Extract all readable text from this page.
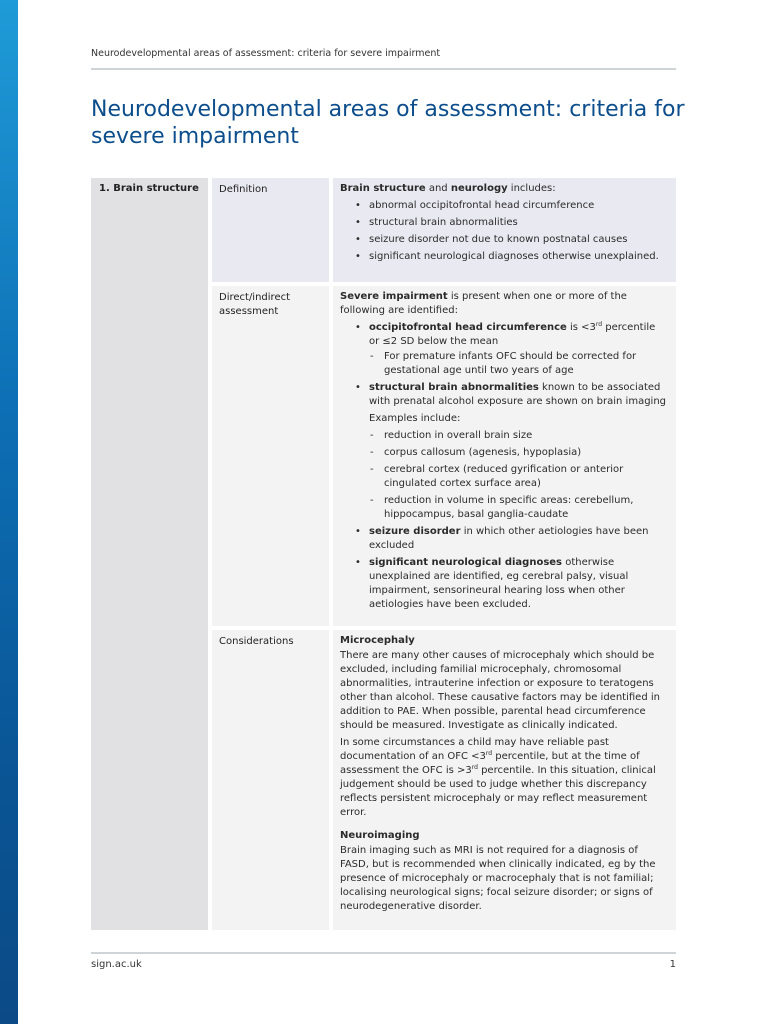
Neurodevelopmental areas of assessment: criteria for severe impairment
Neurodevelopmental areas of assessment: criteria for severe impairment
1. Brain structure	Definition	Brain structure and neurology includes:

• abnormal occipitofrontal head circumference
• structural brain abnormalities
• seizure disorder not due to known postnatal causes
• significant neurological diagnoses otherwise unexplained.
Direct/indirect assessment

Severe impairment is present when one or more of the following are identified:

• occipitofrontal head circumference is <3rd percentile or ≤2 SD below the mean
- For premature infants OFC should be corrected for gestational age until two years of age
• structural brain abnormalities known to be associated with prenatal alcohol exposure are shown on brain imaging
Examples include:
- reduction in overall brain size
- corpus callosum (agenesis, hypoplasia)
- cerebral cortex (reduced gyrification or anterior cingulated cortex surface area)
- reduction in volume in specific areas: cerebellum, hippocampus, basal ganglia-caudate
• seizure disorder in which other aetiologies have been excluded
• significant neurological diagnoses otherwise unexplained are identified, eg cerebral palsy, visual impairment, sensorineural hearing loss when other aetiologies have been excluded.
Considerations	Microcephaly

There are many other causes of microcephaly which should be excluded, including familial microcephaly, chromosomal abnormalities, intrauterine infection or exposure to teratogens other than alcohol. These causative factors may be identified in addition to PAE. When possible, parental head circumference should be measured. Investigate as clinically indicated.

In some circumstances a child may have reliable past documentation of an OFC <3rd percentile, but at the time of assessment the OFC is >3rd percentile. In this situation, clinical judgement should be used to judge whether this discrepancy reflects persistent microcephaly or may reflect measurement error.

Neuroimaging

Brain imaging such as MRI is not required for a diagnosis of FASD, but is recommended when clinically indicated, eg by the presence of microcephaly or macrocephaly that is not familial; localising neurological signs; focal seizure disorder; or signs of neurodegenerative disorder.

sign.ac.uk	1
